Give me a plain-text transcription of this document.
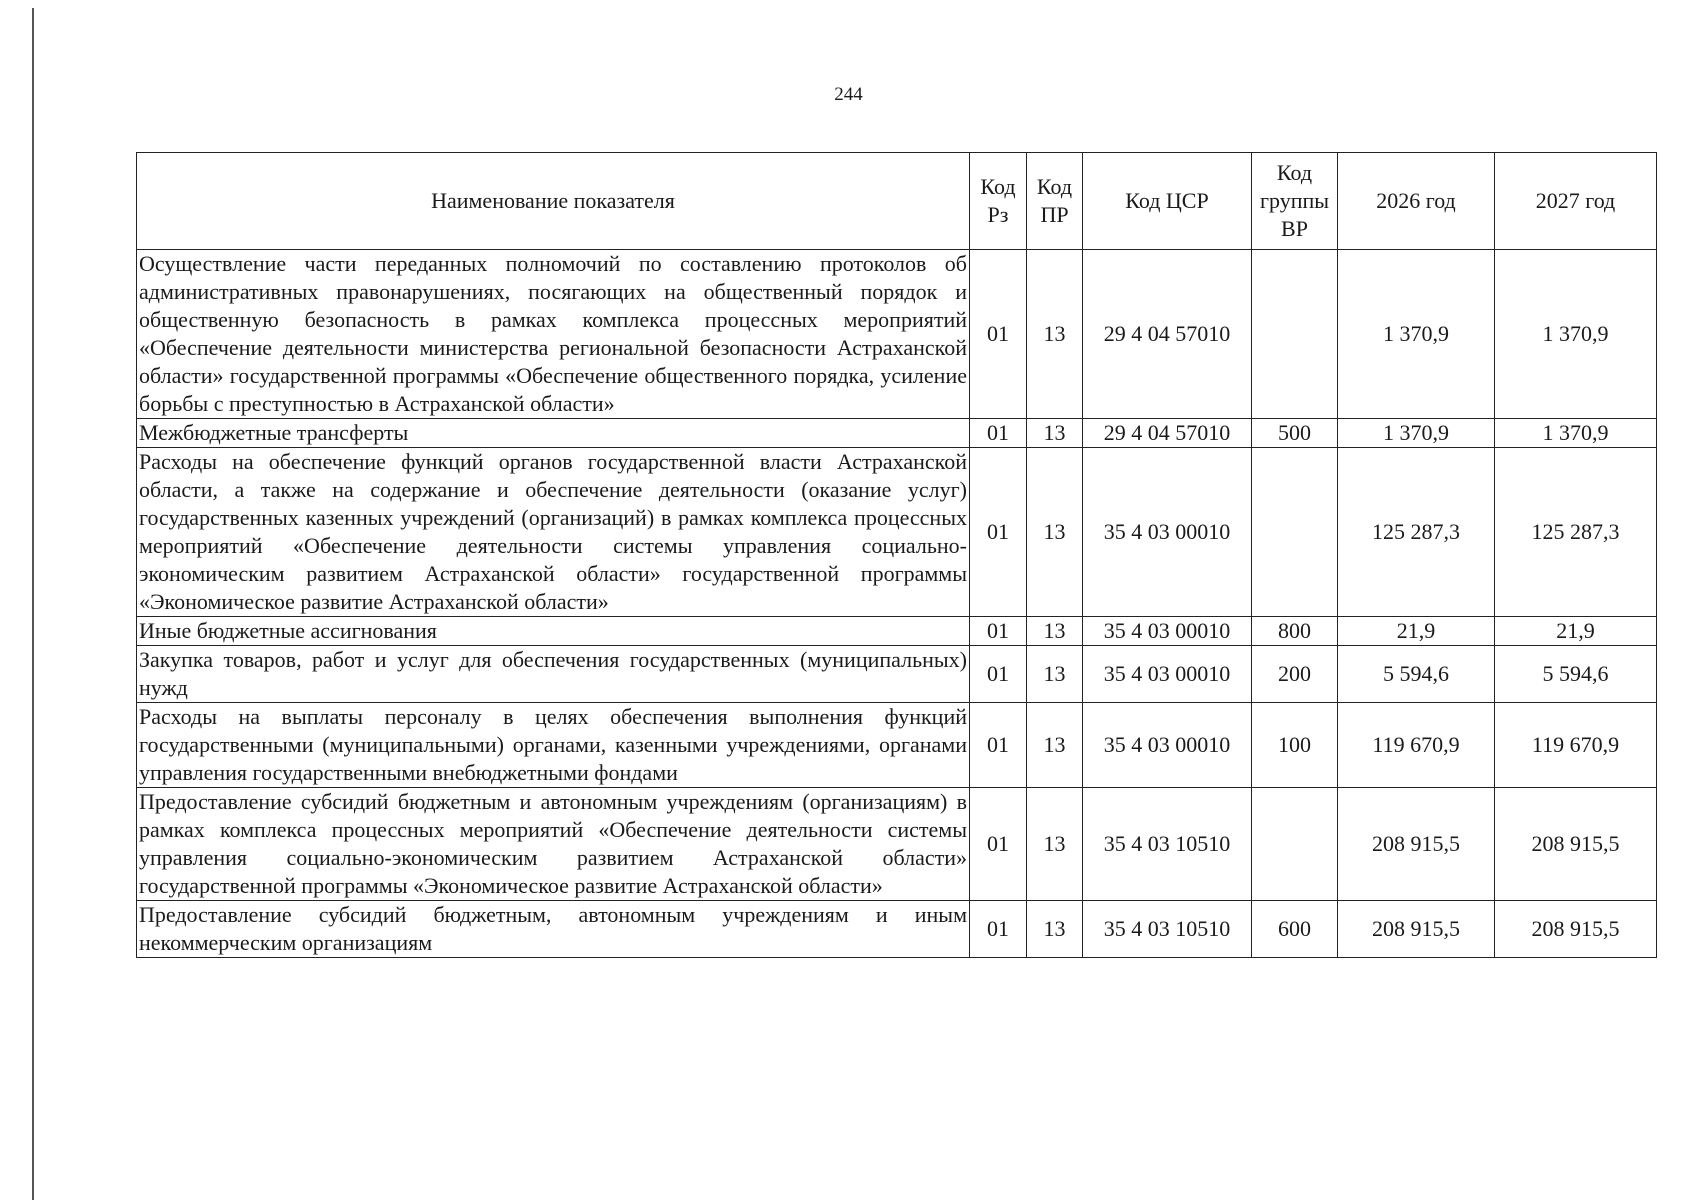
244
Наименование показателя	Код Рз	Код ПР	Код ЦСР	Код группы ВР	2026 год	2027 год
Осуществление части переданных полномочий по составлению протоколов об административных правонарушениях, посягающих на общественный порядок и общественную безопасность в рамках комплекса процессных мероприятий «Обеспечение деятельности министерства региональной безопасности Астраханской области» государственной программы «Обеспечение общественного порядка, усиление борьбы с преступностью в Астраханской области»	01	13	29 4 04 57010		1 370,9	1 370,9
Межбюджетные трансферты	01	13	29 4 04 57010	500	1 370,9	1 370,9
Расходы на обеспечение функций органов государственной власти Астраханской области, а также на содержание и обеспечение деятельности (оказание услуг) государственных казенных учреждений (организаций) в рамках комплекса процессных мероприятий «Обеспечение деятельности системы управления социально-экономическим развитием Астраханской области» государственной программы «Экономическое развитие Астраханской области»	01	13	35 4 03 00010		125 287,3	125 287,3
Иные бюджетные ассигнования	01	13	35 4 03 00010	800	21,9	21,9
Закупка товаров, работ и услуг для обеспечения государственных (муниципальных) нужд	01	13	35 4 03 00010	200	5 594,6	5 594,6
Расходы на выплаты персоналу в целях обеспечения выполнения функций государственными (муниципальными) органами, казенными учреждениями, органами управления государственными внебюджетными фондами	01	13	35 4 03 00010	100	119 670,9	119 670,9
Предоставление субсидий бюджетным и автономным учреждениям (организациям) в рамках комплекса процессных мероприятий «Обеспечение деятельности системы управления социально-экономическим развитием Астраханской области» государственной программы «Экономическое развитие Астраханской области»	01	13	35 4 03 10510		208 915,5	208 915,5
Предоставление субсидий бюджетным, автономным учреждениям и иным некоммерческим организациям	01	13	35 4 03 10510	600	208 915,5	208 915,5
